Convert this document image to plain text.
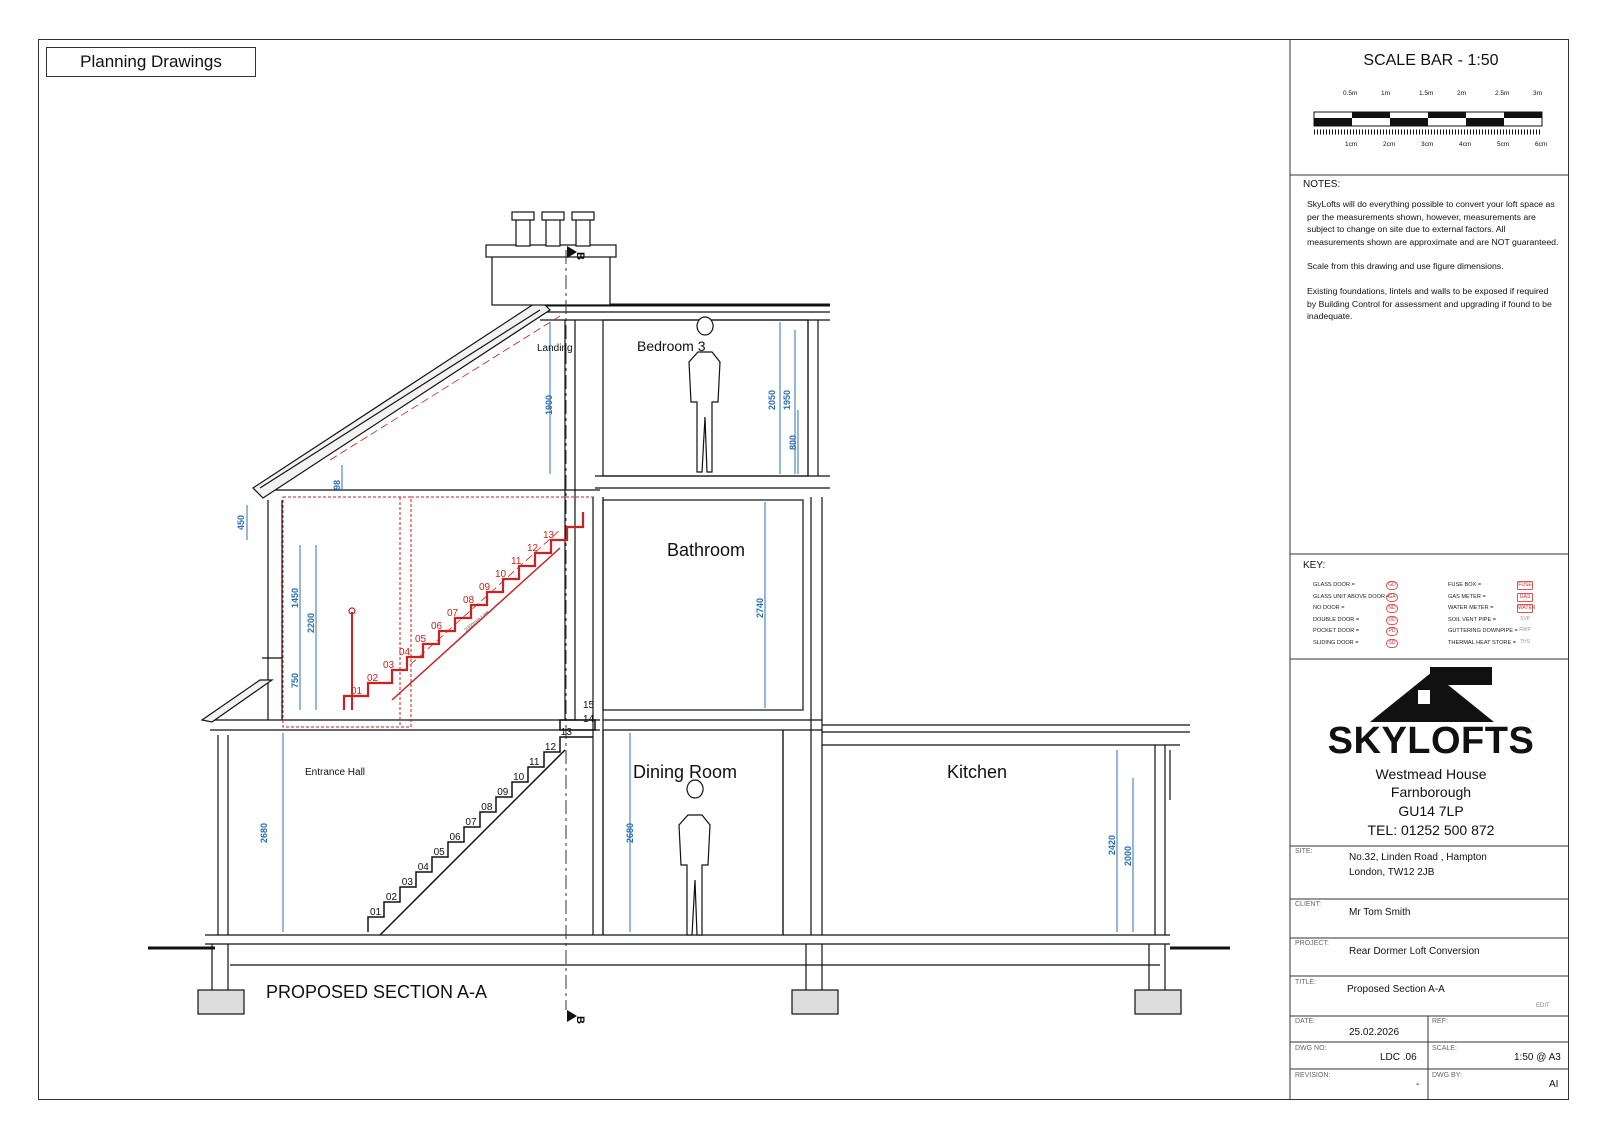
Planning Drawings
B
B
01
02
03
04
05
06
07
08
09
10
11
12
13
01
02
03
04
05
06
07
08
09
10
11
12
13
15
14
2000mm Line
1900	2050 1950
800
98
450
1450
2200
750
2740
2680	2680
2420
2000
Bedroom 3
Landing
Bathroom
Entrance Hall	Dining Room	Kitchen
PROPOSED SECTION A-A
0.5m	1m	1.5m	2m	2.5m	3m
1cm	2cm	3cm	4cm	5cm	6cm
SCALE BAR - 1:50
NOTES:

SkyLofts will do everything possible to convert your loft space as per the measurements shown, however, measurements are subject to change on site due to external factors. All measurements shown are approximate and are NOT guaranteed.

Scale from this drawing and use figure dimensions.

Existing foundations, lintels and walls to be exposed if required by Building Control for assessment and upgrading if found to be inadequate.

KEY:
GLASS DOOR =	GD
GLASS UNIT ABOVE DOOR =
GA
NO DOOR =	ND
DOUBLE DOOR =	DD
POCKET DOOR =	PD
SLIDING DOOR =	SD
FUSE BOX =	FUSE
GAS METER =	GAS
WATER METER =	WATER
SOIL VENT PIPE =	SVP
GUTTERING DOWNPIPE = RWP
THERMAL HEAT STORE = THS
SKYLOFTS
Westmead House
Farnborough
GU14 7LP
TEL: 01252 500 872
SITE:
No.32, Linden Road , Hampton
London, TW12 2JB
CLIENT:
Mr Tom Smith
PROJECT:
Rear Dormer Loft Conversion
TITLE:
Proposed Section A-A
EDIT
DATE:
25.02.2026
REF:
DWG NO:
LDC .06
SCALE:
1:50 @ A3
REVISION:
-
DWG BY:
AI
